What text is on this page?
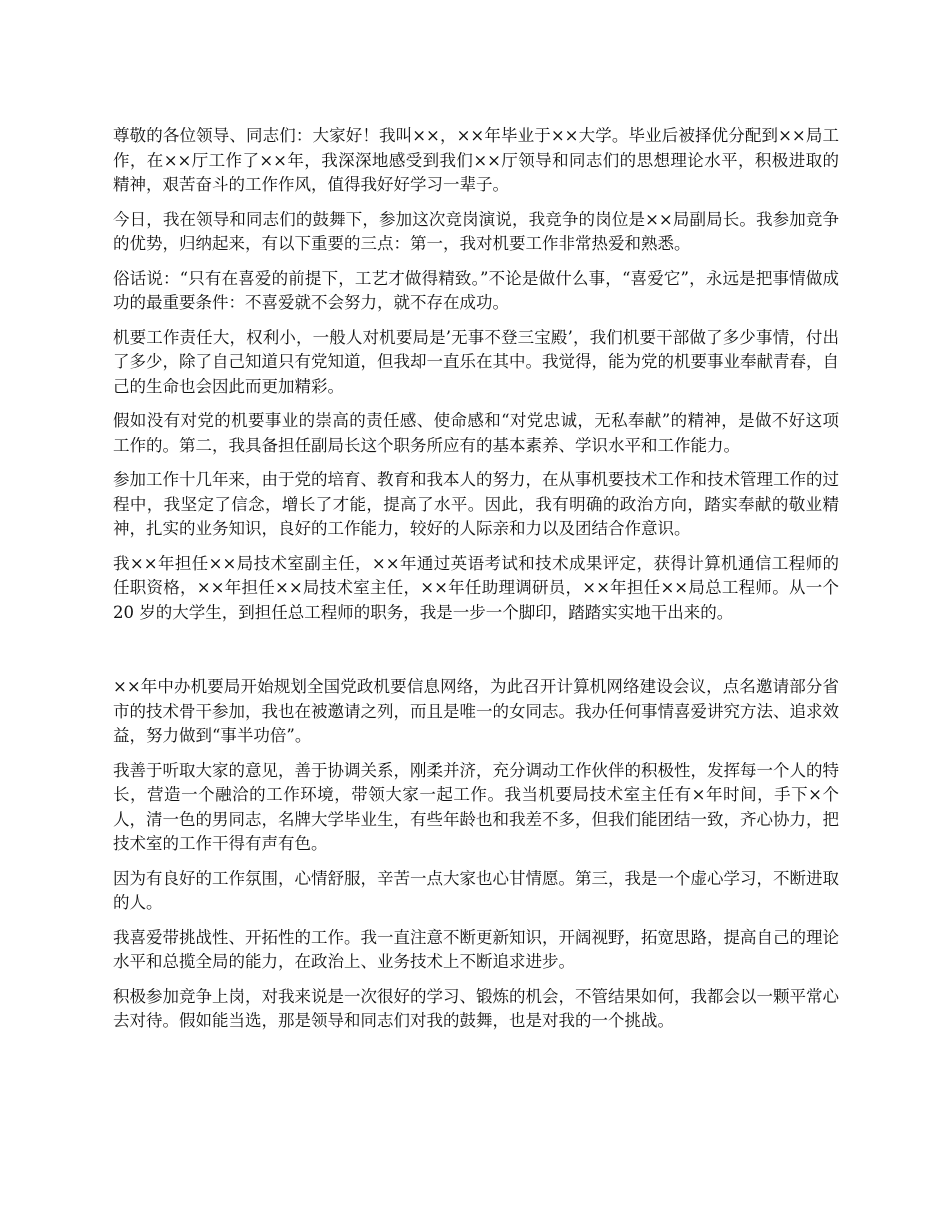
尊敬的各位领导、同志们：大家好！我叫××，××年毕业于××大学。毕业后被择优分配到××局工作，在××厅工作了××年，我深深地感受到我们××厅领导和同志们的思想理论水平，积极进取的精神，艰苦奋斗的工作作风，值得我好好学习一辈子。

今日，我在领导和同志们的鼓舞下，参加这次竞岗演说，我竞争的岗位是××局副局长。我参加竞争的优势，归纳起来，有以下重要的三点：第一，我对机要工作非常热爱和熟悉。

俗话说：“只有在喜爱的前提下，工艺才做得精致。”不论是做什么事，“喜爱它”，永远是把事情做成功的最重要条件：不喜爱就不会努力，就不存在成功。

机要工作责任大，权利小，一般人对机要局是’无事不登三宝殿’，我们机要干部做了多少事情，付出了多少，除了自己知道只有党知道，但我却一直乐在其中。我觉得，能为党的机要事业奉献青春，自己的生命也会因此而更加精彩。

假如没有对党的机要事业的崇高的责任感、使命感和“对党忠诚，无私奉献”的精神，是做不好这项工作的。第二，我具备担任副局长这个职务所应有的基本素养、学识水平和工作能力。

参加工作十几年来，由于党的培育、教育和我本人的努力，在从事机要技术工作和技术管理工作的过程中，我坚定了信念，增长了才能，提高了水平。因此，我有明确的政治方向，踏实奉献的敬业精神，扎实的业务知识，良好的工作能力，较好的人际亲和力以及团结合作意识。

我××年担任××局技术室副主任，××年通过英语考试和技术成果评定，获得计算机通信工程师的任职资格，××年担任××局技术室主任，××年任助理调研员，××年担任××局总工程师。从一个 20 岁的大学生，到担任总工程师的职务，我是一步一个脚印，踏踏实实地干出来的。

××年中办机要局开始规划全国党政机要信息网络，为此召开计算机网络建设会议，点名邀请部分省市的技术骨干参加，我也在被邀请之列，而且是唯一的女同志。我办任何事情喜爱讲究方法、追求效益，努力做到“事半功倍”。

我善于听取大家的意见，善于协调关系，刚柔并济，充分调动工作伙伴的积极性，发挥每一个人的特长，营造一个融洽的工作环境，带领大家一起工作。我当机要局技术室主任有×年时间，手下×个人，清一色的男同志，名牌大学毕业生，有些年龄也和我差不多，但我们能团结一致，齐心协力，把技术室的工作干得有声有色。

因为有良好的工作氛围，心情舒服，辛苦一点大家也心甘情愿。第三，我是一个虚心学习，不断进取的人。

我喜爱带挑战性、开拓性的工作。我一直注意不断更新知识，开阔视野，拓宽思路，提高自己的理论水平和总揽全局的能力，在政治上、业务技术上不断追求进步。

积极参加竞争上岗，对我来说是一次很好的学习、锻炼的机会，不管结果如何，我都会以一颗平常心去对待。假如能当选，那是领导和同志们对我的鼓舞，也是对我的一个挑战。
